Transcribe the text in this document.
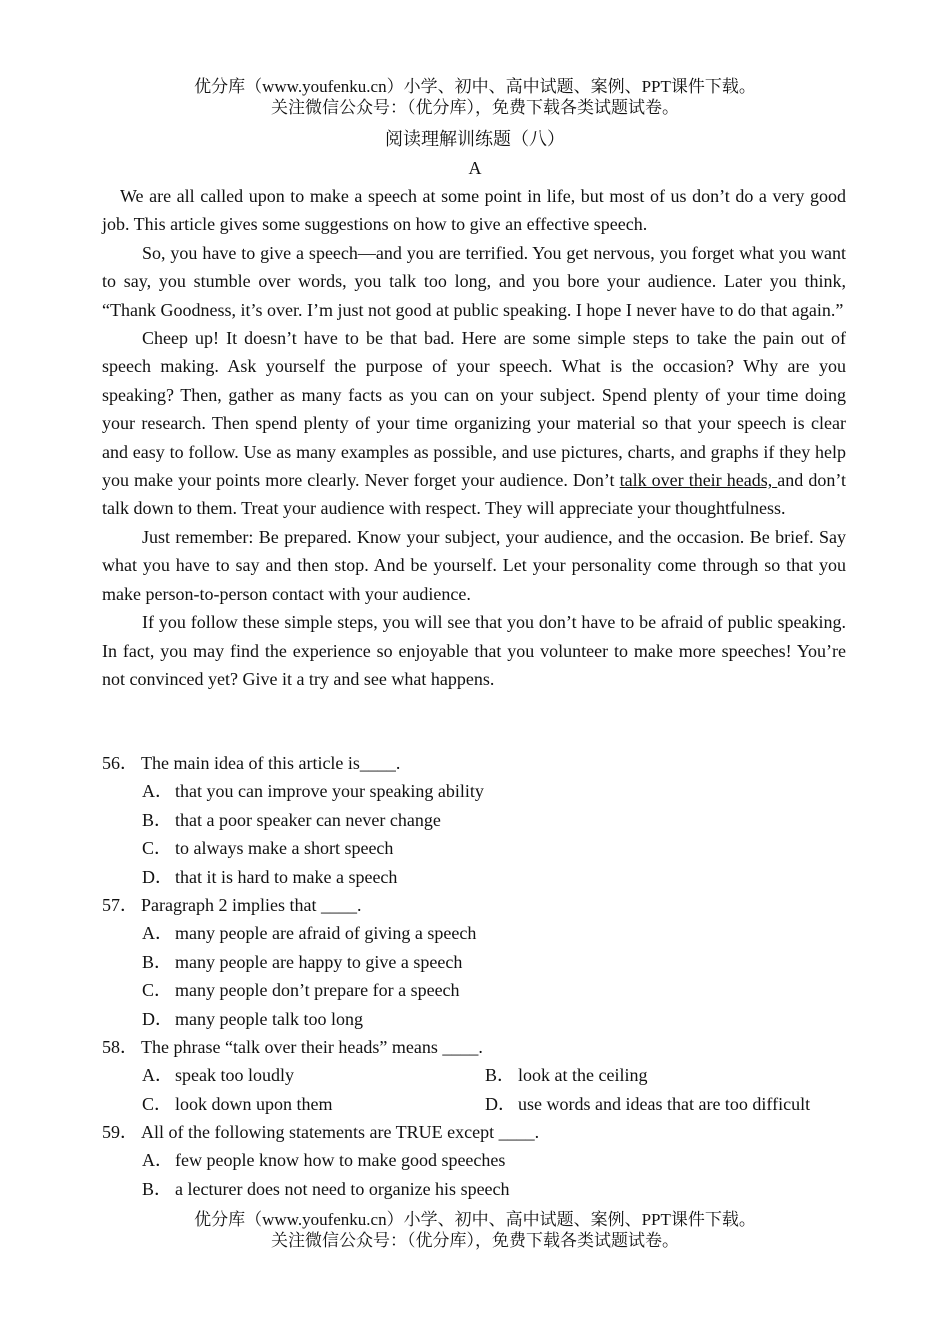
优分库（www.youfenku.cn）小学、初中、高中试题、案例、PPT课件下载。
关注微信公众号：（优分库），免费下载各类试题试卷。
阅读理解训练题（八）
A

We are all called upon to make a speech at some point in life, but most of us don’t do a very good job. This article gives some suggestions on how to give an effective speech.

So, you have to give a speech—and you are terrified. You get nervous, you forget what you want to say, you stumble over words, you talk too long, and you bore your audience. Later you think, “Thank Goodness, it’s over. I’m just not good at public speaking. I hope I never have to do that again.”

Cheep up! It doesn’t have to be that bad. Here are some simple steps to take the pain out of speech making. Ask yourself the purpose of your speech. What is the occasion? Why are you speaking? Then, gather as many facts as you can on your subject. Spend plenty of your time doing your research. Then spend plenty of your time organizing your material so that your speech is clear and easy to follow. Use as many examples as possible, and use pictures, charts, and graphs if they help you make your points more clearly. Never forget your audience. Don’t talk over their heads, and don’t talk down to them. Treat your audience with respect. They will appreciate your thoughtfulness.

Just remember: Be prepared. Know your subject, your audience, and the occasion. Be brief. Say what you have to say and then stop. And be yourself. Let your personality come through so that you make person-to-person contact with your audience.

If you follow these simple steps, you will see that you don’t have to be afraid of public speaking. In fact, you may find the experience so enjoyable that you volunteer to make more speeches! You’re not convinced yet? Give it a try and see what happens.

56． The main idea of this article is____.
A． that you can improve your speaking ability
B． that a poor speaker can never change
C． to always make a short speech
D． that it is hard to make a speech
57． Paragraph 2 implies that ____.
A． many people are afraid of giving a speech
B． many people are happy to give a speech
C． many people don’t prepare for a speech
D． many people talk too long
58． The phrase “talk over their heads” means ____.
A． speak too loudly	B． look at the ceiling
C． look down upon them	D． use words and ideas that are too difficult
59． All of the following statements are TRUE except ____.
A． few people know how to make good speeches
B． a lecturer does not need to organize his speech
优分库（www.youfenku.cn）小学、初中、高中试题、案例、PPT课件下载。
关注微信公众号：（优分库），免费下载各类试题试卷。
